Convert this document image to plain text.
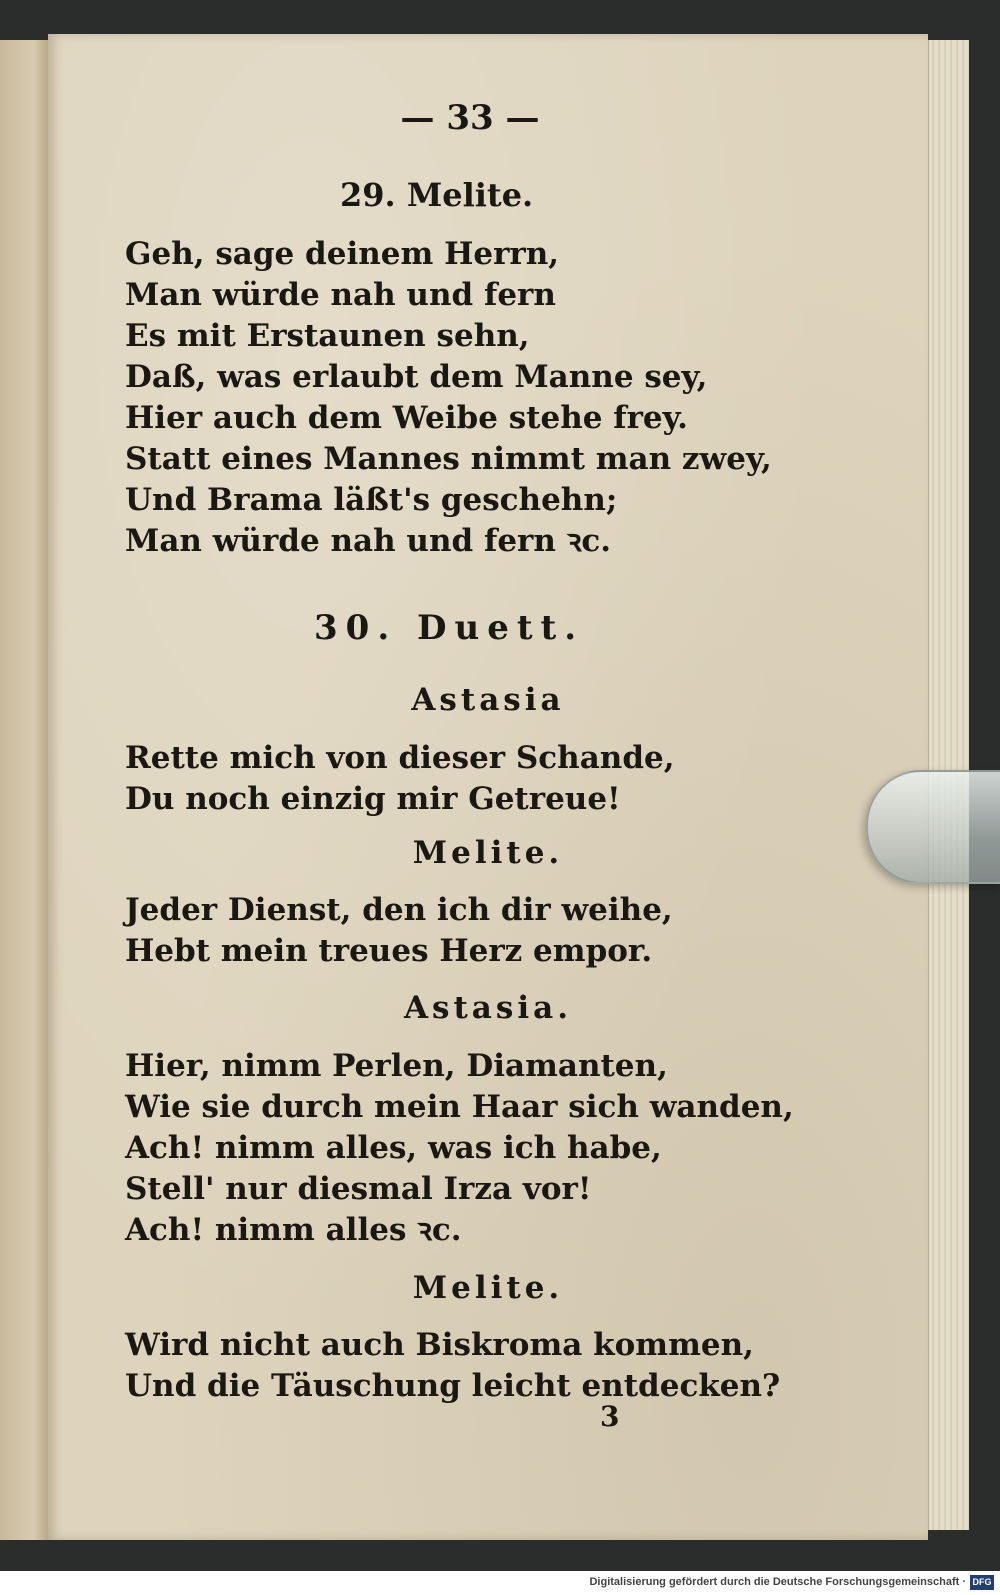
— 33 —
29. Melite.
Geh, sage deinem Herrn,
Man würde nah und fern
Es mit Erstaunen sehn,
Daß, was erlaubt dem Manne sey,
Hier auch dem Weibe stehe frey.
Statt eines Mannes nimmt man zwey,
Und Brama läßt's geschehn;
Man würde nah und fern ꝛc.
30. Duett.
Astasia
Rette mich von dieser Schande,
Du noch einzig mir Getreue!
Melite.
Jeder Dienst, den ich dir weihe,
Hebt mein treues Herz empor.
Astasia.
Hier, nimm Perlen, Diamanten,
Wie sie durch mein Haar sich wanden,
Ach! nimm alles, was ich habe,
Stell' nur diesmal Irza vor!
Ach! nimm alles ꝛc.
Melite.
Wird nicht auch Biskroma kommen,
Und die Täuschung leicht entdecken?
3
Digitalisierung gefördert durch die Deutsche Forschungsgemeinschaft · DFG
